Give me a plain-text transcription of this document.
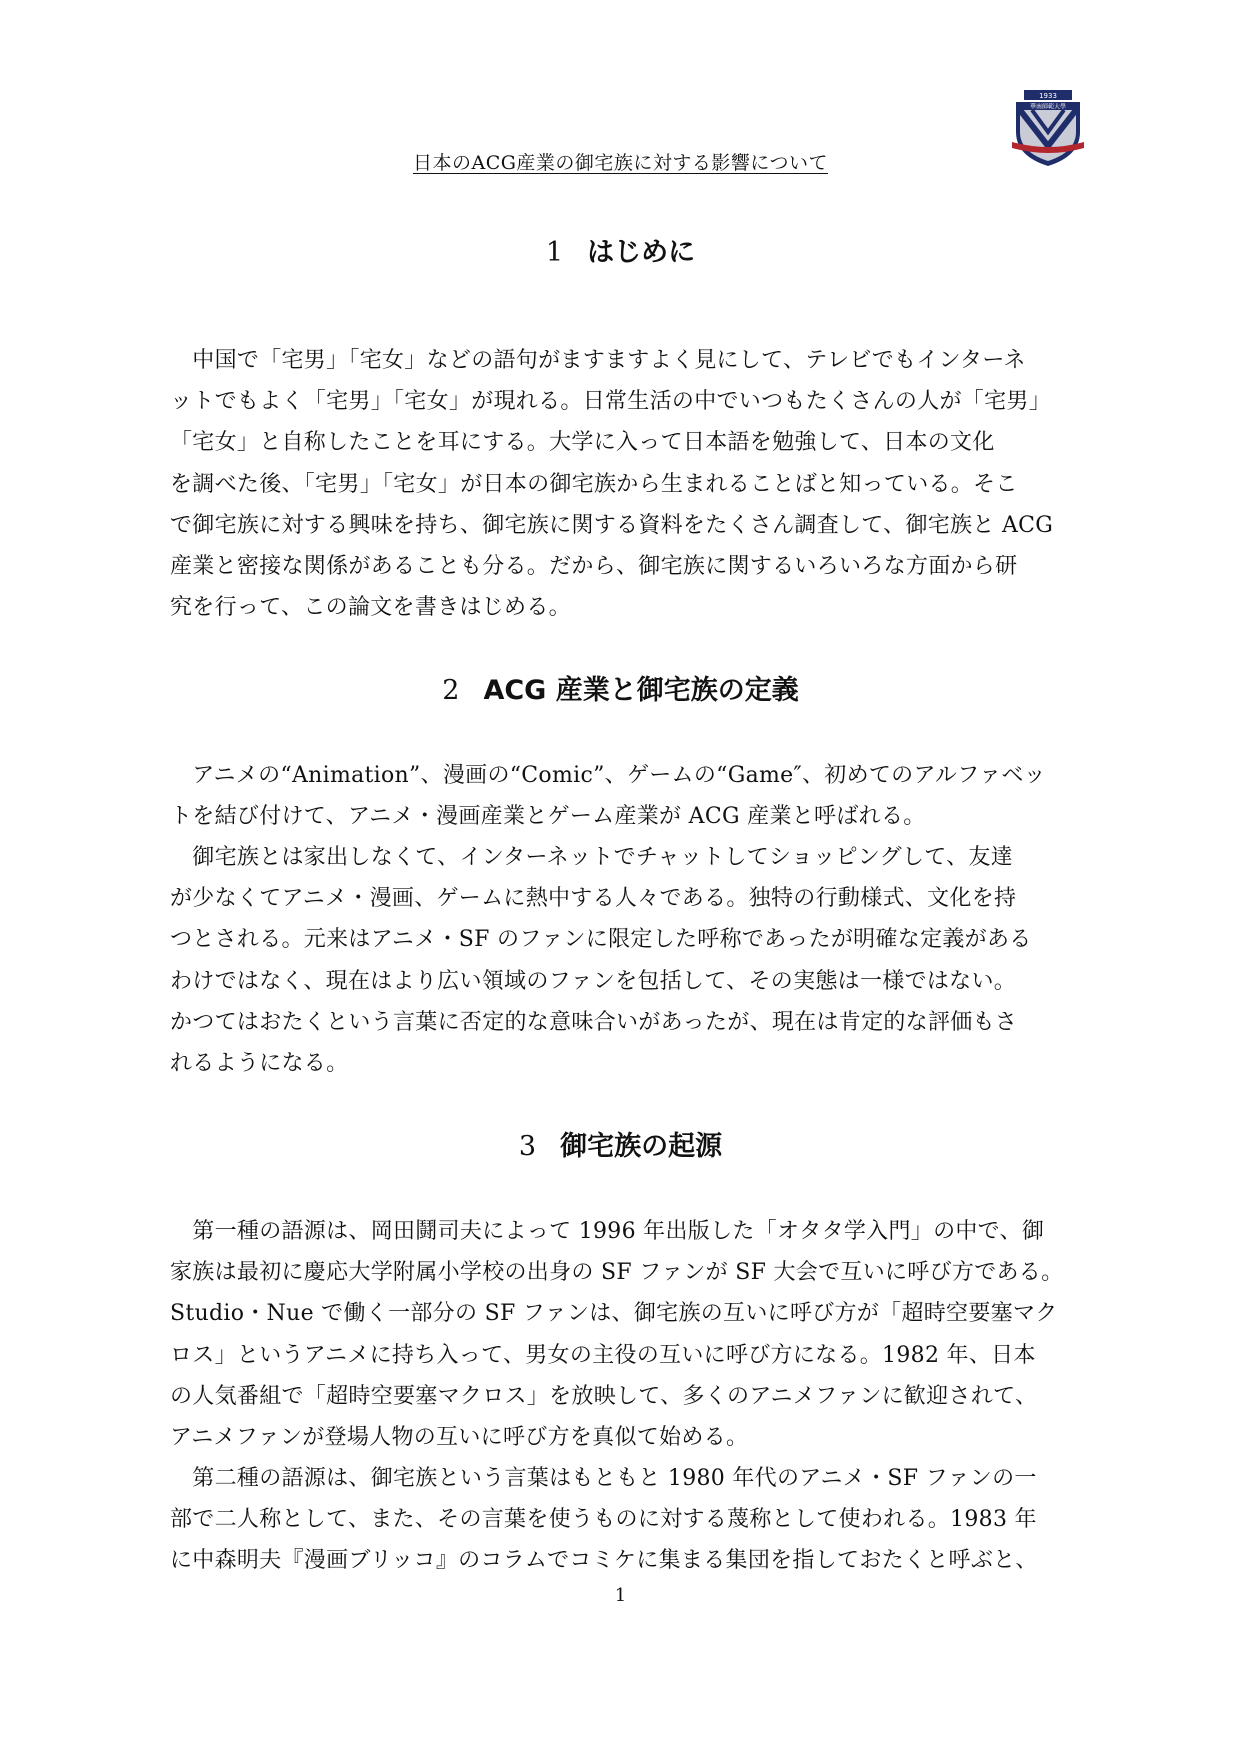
日本のACG産業の御宅族に対する影響について
1933
華南師範大學
1 はじめに
　中国で「宅男」「宅女」などの語句がますますよく見にして、テレビでもインターネ
ットでもよく「宅男」「宅女」が現れる。日常生活の中でいつもたくさんの人が「宅男」
「宅女」と自称したことを耳にする。大学に入って日本語を勉強して、日本の文化
を調べた後、「宅男」「宅女」が日本の御宅族から生まれることばと知っている。そこ
で御宅族に対する興味を持ち、御宅族に関する資料をたくさん調査して、御宅族と ACG
産業と密接な関係があることも分る。だから、御宅族に関するいろいろな方面から研
究を行って、この論文を書きはじめる。
2 ACG 産業と御宅族の定義
　アニメの“Animation”、漫画の“Comic”、ゲームの“Game″、初めてのアルファベッ
トを結び付けて、アニメ・漫画産業とゲーム産業が ACG 産業と呼ばれる。
　御宅族とは家出しなくて、インターネットでチャットしてショッピングして、友達
が少なくてアニメ・漫画、ゲームに熱中する人々である。独特の行動様式、文化を持
つとされる。元来はアニメ・SF のファンに限定した呼称であったが明確な定義がある
わけではなく、現在はより広い領域のファンを包括して、その実態は一様ではない。
かつてはおたくという言葉に否定的な意味合いがあったが、現在は肯定的な評価もさ
れるようになる。
3 御宅族の起源
　第一種の語源は、岡田鬪司夫によって 1996 年出版した「オタタ学入門」の中で、御
家族は最初に慶応大学附属小学校の出身の SF ファンが SF 大会で互いに呼び方である。
Studio・Nue で働く一部分の SF ファンは、御宅族の互いに呼び方が「超時空要塞マク
ロス」というアニメに持ち入って、男女の主役の互いに呼び方になる。1982 年、日本
の人気番組で「超時空要塞マクロス」を放映して、多くのアニメファンに歓迎されて、
アニメファンが登場人物の互いに呼び方を真似て始める。
　第二種の語源は、御宅族という言葉はもともと 1980 年代のアニメ・SF ファンの一
部で二人称として、また、その言葉を使うものに対する蔑称として使われる。1983 年
に中森明夫『漫画ブリッコ』のコラムでコミケに集まる集団を指しておたくと呼ぶと、
1
